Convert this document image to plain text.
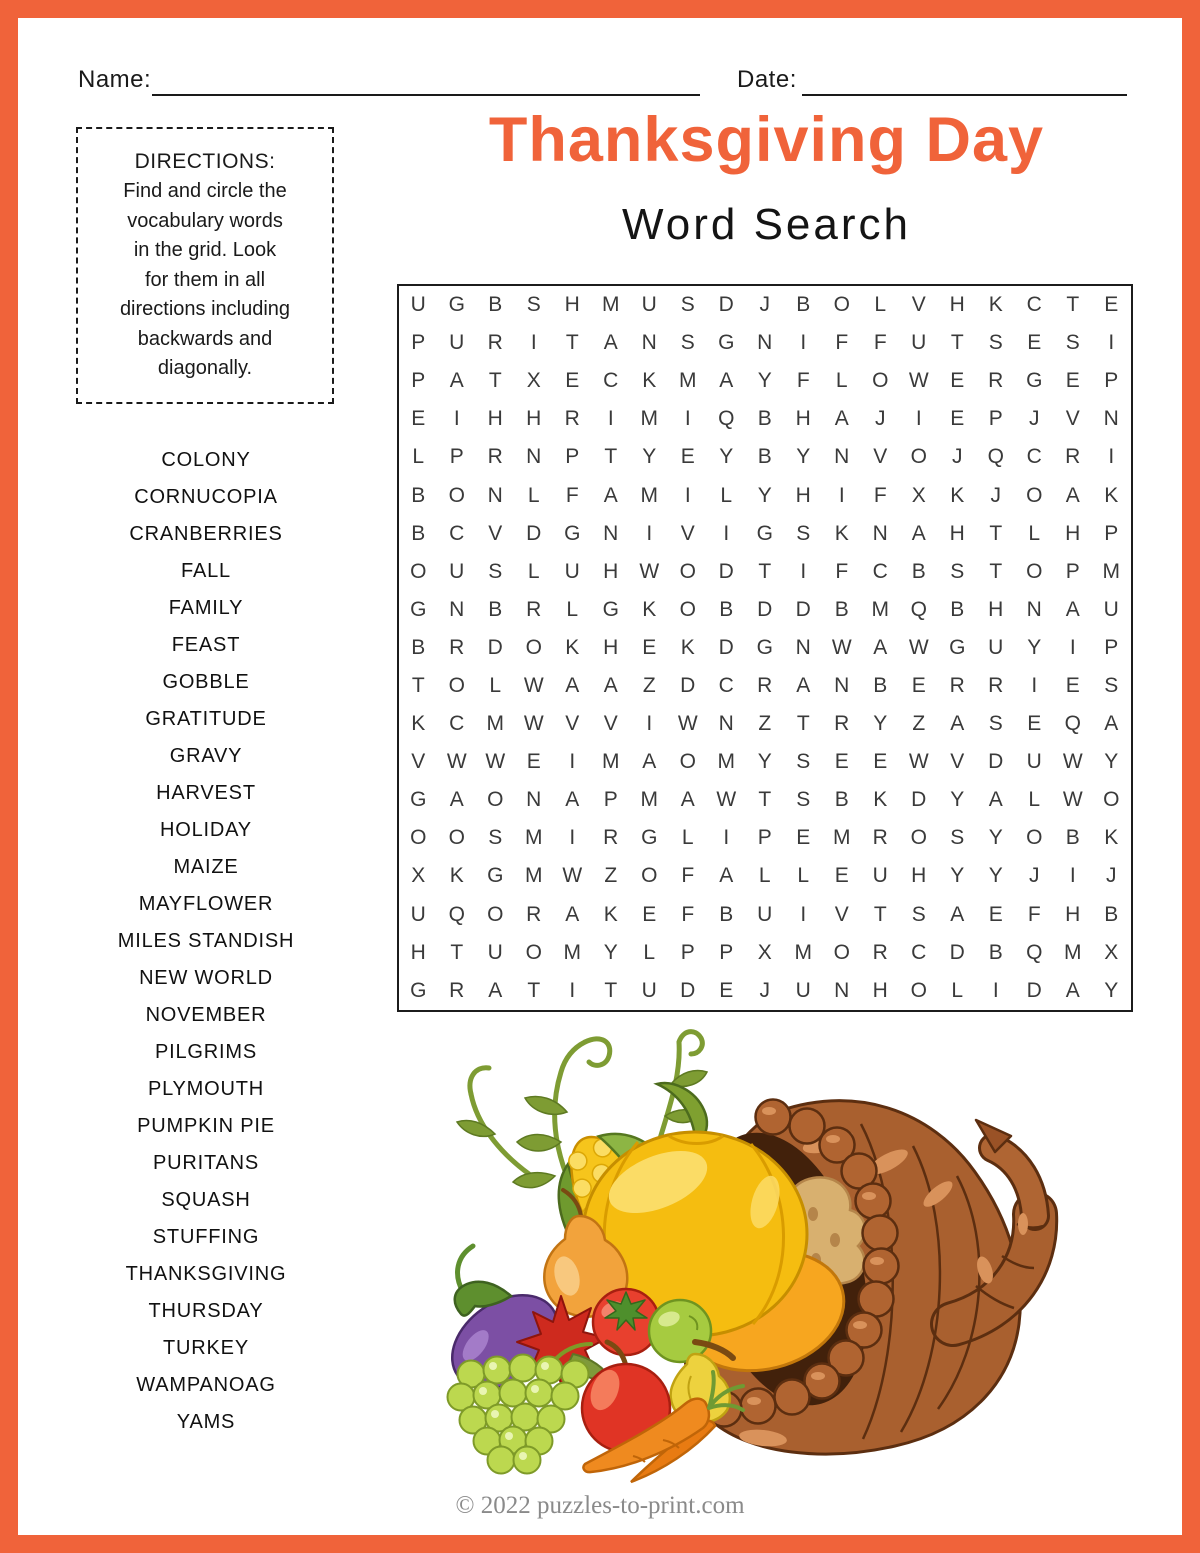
Name:	Date:
Thanksgiving Day
Word Search
DIRECTIONS:
Find and circle the
vocabulary words
in the grid. Look
for them in all
directions including
backwards and
diagonally.
U	G	B	S	H	M	U	S	D	J	B	O	L	V	H	K	C	T	E
P	U	R	I	T	A	N	S	G	N	I	F	F	U	T	S	E	S	I
P	A	T	X	E	C	K	M	A	Y	F	L	O W	E	R	G	E	P
E	I	H	H	R	I	M	I	Q	B	H	A	J	I	E	P	J	V	N
L	P	R	N	P	T	Y	E	Y	B	Y	N	V	O	J	Q	C	R	I
B	O	N	L	F	A	M	I	L	Y	H	I	F	X	K	J	O	A	K
B	C	V	D	G	N	I	V	I	G	S	K	N	A	H	T	L	H	P
O	U	S	L	U	H	W O	D	T	I	F	C	B	S	T	O	P	M
G	N	B	R	L	G	K	O	B	D	D	B	M	Q	B	H	N	A	U
B	R	D	O	K	H	E	K	D	G	N	W	A	W G	U	Y	I	P
T	O	L	W	A	A	Z	D	C	R	A	N	B	E	R	R	I	E	S
K	C	M W	V	V	I	W	N	Z	T	R	Y	Z	A	S	E	Q	A
V	W W	E	I	M	A	O	M	Y	S	E	E	W	V	D	U	W	Y
G	A	O	N	A	P	M	A	W	T	S	B	K	D	Y	A	L	W O
O	O	S	M	I	R	G	L	I	P	E	M	R	O	S	Y	O	B	K
X	K	G	M W	Z	O	F	A	L	L	E	U	H	Y	Y	J	I	J
U	Q	O	R	A	K	E	F	B	U	I	V	T	S	A	E	F	H	B
H	T	U	O	M	Y	L	P	P	X	M	O	R	C	D	B	Q	M	X
G	R	A	T	I	T	U	D	E	J	U	N	H	O	L	I	D	A	Y
COLONY
CORNUCOPIA
CRANBERRIES
FALL
FAMILY
FEAST
GOBBLE
GRATITUDE
GRAVY
HARVEST
HOLIDAY
MAIZE
MAYFLOWER
MILES STANDISH
NEW WORLD
NOVEMBER
PILGRIMS
PLYMOUTH
PUMPKIN PIE
PURITANS
SQUASH
STUFFING
THANKSGIVING
THURSDAY
TURKEY
WAMPANOAG
YAMS
© 2022 puzzles-to-print.com
